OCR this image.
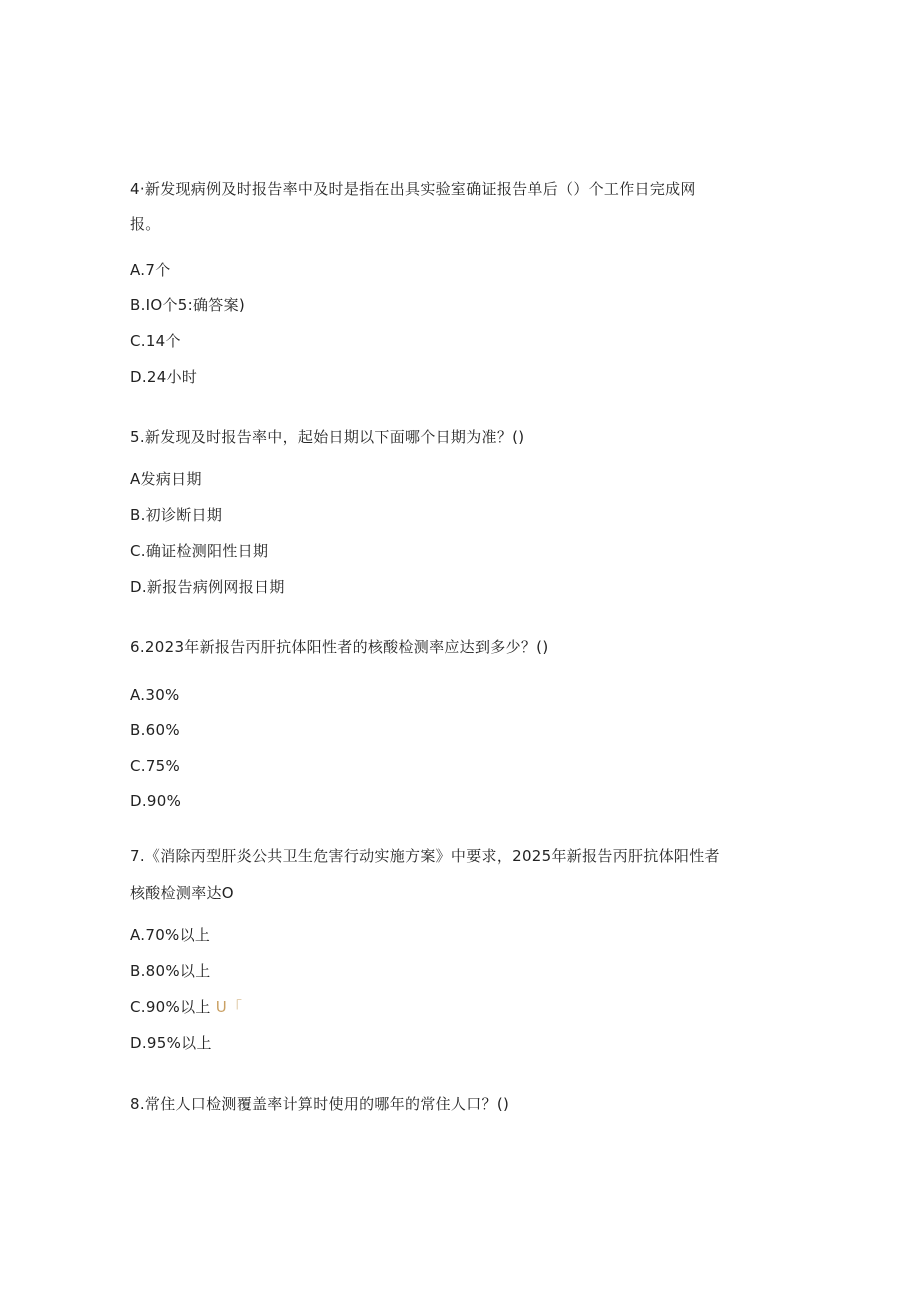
4·新发现病例及时报告率中及时是指在出具实验室确证报告单后（）个工作日完成网
报。
A.7个
B.IO个5:确答案)
C.14个
D.24小时
5.新发现及时报告率中，起始日期以下面哪个日期为准？()
A发病日期
B.初诊断日期
C.确证检测阳性日期
D.新报告病例网报日期
6.2023年新报告丙肝抗体阳性者的核酸检测率应达到多少？()
A.30%
B.60%
C.75%
D.90%
7.《消除丙型肝炎公共卫生危害行动实施方案》中要求，2025年新报告丙肝抗体阳性者
核酸检测率达O
A.70%以上
B.80%以上
C.90%以上 U「
D.95%以上
8.常住人口检测覆盖率计算时使用的哪年的常住人口？()
